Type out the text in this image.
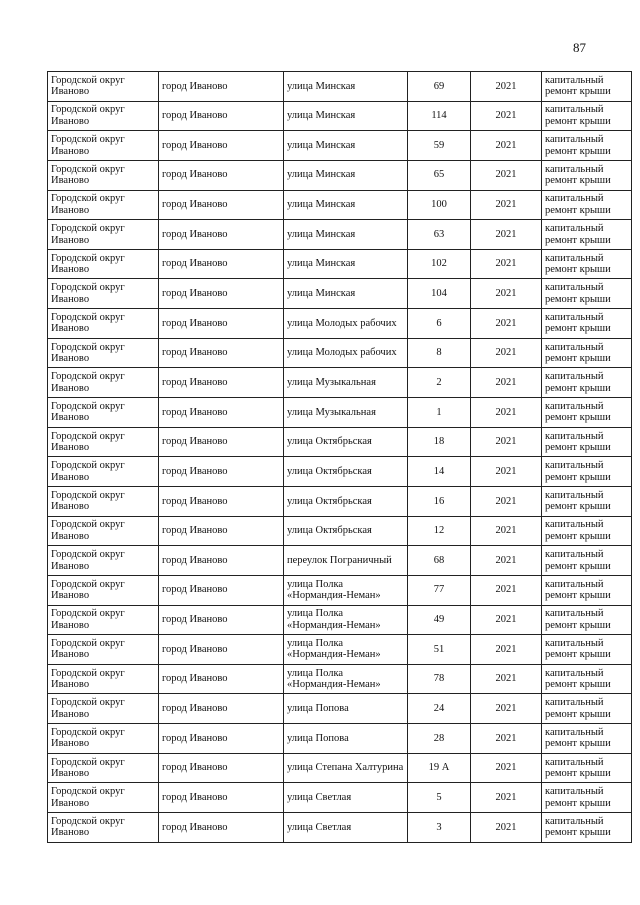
87
Городской округ Иваново	город Иваново	улица Минская	69	2021	капитальный ремонт крыши
Городской округ Иваново	город Иваново	улица Минская	114	2021	капитальный ремонт крыши
Городской округ Иваново	город Иваново	улица Минская	59	2021	капитальный ремонт крыши
Городской округ Иваново	город Иваново	улица Минская	65	2021	капитальный ремонт крыши
Городской округ Иваново	город Иваново	улица Минская	100	2021	капитальный ремонт крыши
Городской округ Иваново	город Иваново	улица Минская	63	2021	капитальный ремонт крыши
Городской округ Иваново	город Иваново	улица Минская	102	2021	капитальный ремонт крыши
Городской округ Иваново	город Иваново	улица Минская	104	2021	капитальный ремонт крыши
Городской округ Иваново	город Иваново	улица Молодых рабочих	6	2021	капитальный ремонт крыши
Городской округ Иваново	город Иваново	улица Молодых рабочих	8	2021	капитальный ремонт крыши
Городской округ Иваново	город Иваново	улица Музыкальная	2	2021	капитальный ремонт крыши
Городской округ Иваново	город Иваново	улица Музыкальная	1	2021	капитальный ремонт крыши
Городской округ Иваново	город Иваново	улица Октябрьская	18	2021	капитальный ремонт крыши
Городской округ Иваново	город Иваново	улица Октябрьская	14	2021	капитальный ремонт крыши
Городской округ Иваново	город Иваново	улица Октябрьская	16	2021	капитальный ремонт крыши
Городской округ Иваново	город Иваново	улица Октябрьская	12	2021	капитальный ремонт крыши
Городской округ Иваново	город Иваново	переулок Пограничный	68	2021	капитальный ремонт крыши
Городской округ Иваново	город Иваново	улица Полка «Нормандия-Неман»	77	2021	капитальный ремонт крыши
Городской округ Иваново	город Иваново	улица Полка «Нормандия-Неман»	49	2021	капитальный ремонт крыши
Городской округ Иваново	город Иваново	улица Полка «Нормандия-Неман»	51	2021	капитальный ремонт крыши
Городской округ Иваново	город Иваново	улица Полка «Нормандия-Неман»	78	2021	капитальный ремонт крыши
Городской округ Иваново	город Иваново	улица Попова	24	2021	капитальный ремонт крыши
Городской округ Иваново	город Иваново	улица Попова	28	2021	капитальный ремонт крыши
Городской округ Иваново	город Иваново	улица Степана Халтурина	19 А	2021	капитальный ремонт крыши
Городской округ Иваново	город Иваново	улица Светлая	5	2021	капитальный ремонт крыши
Городской округ Иваново	город Иваново	улица Светлая	3	2021	капитальный ремонт крыши
